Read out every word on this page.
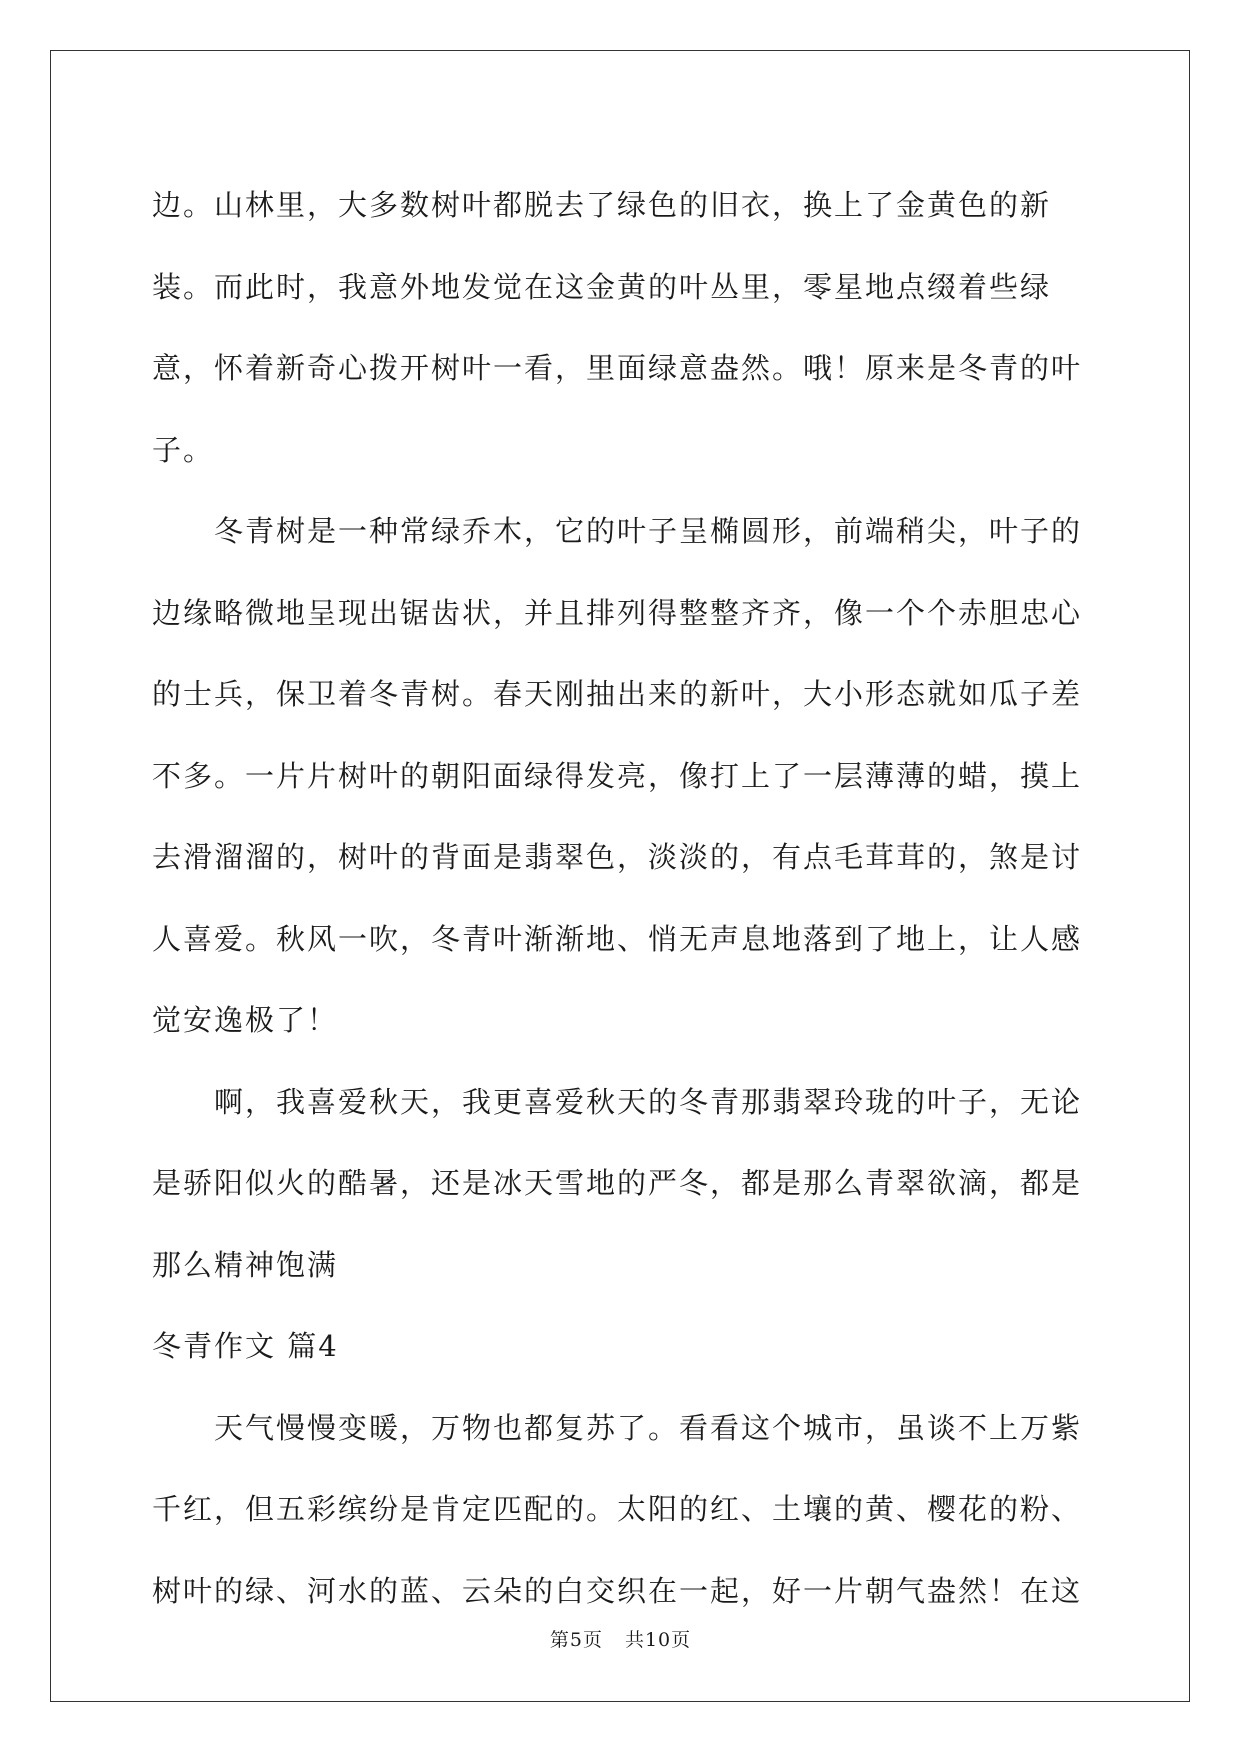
边。山林里，大多数树叶都脱去了绿色的旧衣，换上了金黄色的新装。而此时，我意外地发觉在这金黄的叶丛里，零星地点缀着些绿意，怀着新奇心拨开树叶一看，里面绿意盎然。哦！原来是冬青的叶子。

冬青树是一种常绿乔木，它的叶子呈椭圆形，前端稍尖，叶子的边缘略微地呈现出锯齿状，并且排列得整整齐齐，像一个个赤胆忠心的士兵，保卫着冬青树。春天刚抽出来的新叶，大小形态就如瓜子差不多。一片片树叶的朝阳面绿得发亮，像打上了一层薄薄的蜡，摸上去滑溜溜的，树叶的背面是翡翠色，淡淡的，有点毛茸茸的，煞是讨人喜爱。秋风一吹，冬青叶渐渐地、悄无声息地落到了地上，让人感觉安逸极了！

啊，我喜爱秋天，我更喜爱秋天的冬青那翡翠玲珑的叶子，无论是骄阳似火的酷暑，还是冰天雪地的严冬，都是那么青翠欲滴，都是那么精神饱满

冬青作文 篇4

天气慢慢变暖，万物也都复苏了。看看这个城市，虽谈不上万紫千红，但五彩缤纷是肯定匹配的。太阳的红、土壤的黄、樱花的粉、树叶的绿、河水的蓝、云朵的白交织在一起，好一片朝气盎然！在这

第5页 共10页
